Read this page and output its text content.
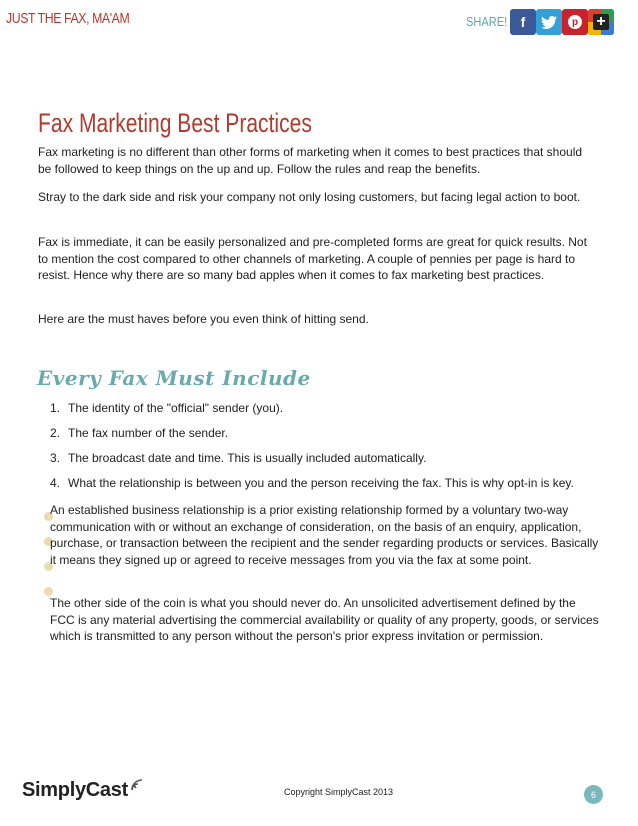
JUST THE FAX, MA'AM	SHARE! f	p +
Fax Marketing Best Practices

Fax marketing is no different than other forms of marketing when it comes to best practices that should be followed to keep things on the up and up. Follow the rules and reap the benefits.

Stray to the dark side and risk your company not only losing customers, but facing legal action to boot.

Fax is immediate, it can be easily personalized and pre-completed forms are great for quick results. Not to mention the cost compared to other channels of marketing. A couple of pennies per page is hard to resist. Hence why there are so many bad apples when it comes to fax marketing best practices.

Here are the must haves before you even think of hitting send.

Every Fax Must Include
1. The identity of the "official" sender (you).
2. The fax number of the sender.
3. The broadcast date and time. This is usually included automatically.
4. What the relationship is between you and the person receiving the fax. This is why opt-in is key.

An established business relationship is a prior existing relationship formed by a voluntary two-way communication with or without an exchange of consideration, on the basis of an enquiry, application, purchase, or transaction between the recipient and the sender regarding products or services. Basically it means they signed up or agreed to receive messages from you via the fax at some point.

The other side of the coin is what you should never do. An unsolicited advertisement defined by the FCC is any material advertising the commercial availability or quality of any property, goods, or services which is transmitted to any person without the person's prior express invitation or permission.

SimplyCast	Copyright SimplyCast 2013	6
